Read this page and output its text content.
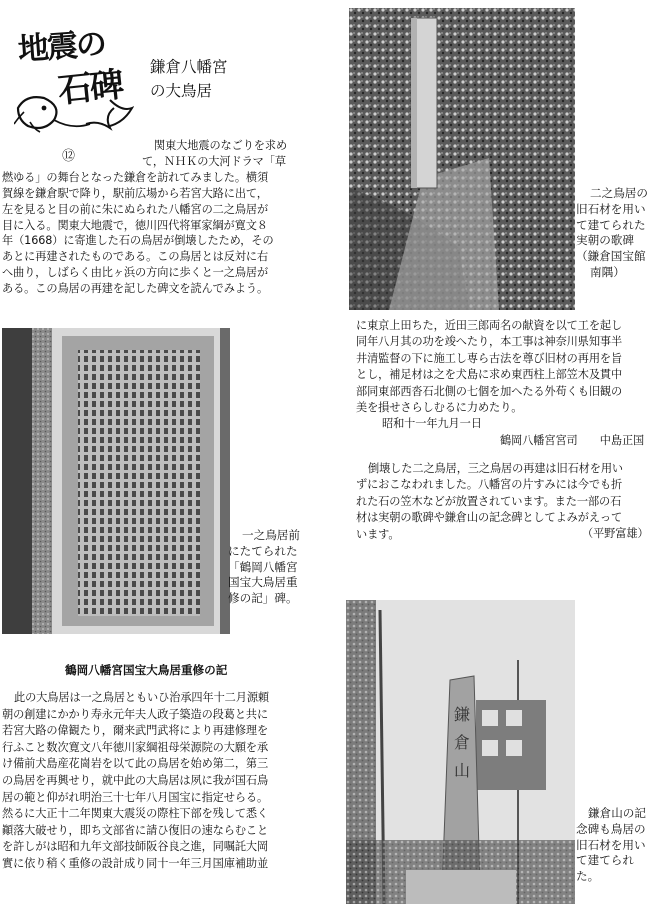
地震の
石碑 鎌倉八幡宮
の大鳥居
⑫
関東大地震のなごりを求め
て，ＮＨＫの大河ドラマ「草
燃ゆる」の舞台となった鎌倉を訪れてみました。横須
賀線を鎌倉駅で降り，駅前広場から若宮大路に出て，
左を見ると目の前に朱にぬられた八幡宮の二之鳥居が
目に入る。関東大地震で，徳川四代将軍家綱が寛文８
年（1668）に寄進した石の鳥居が倒壊したため，その
あとに再建されたものである。この鳥居とは反対に右
へ曲り，しばらく由比ヶ浜の方向に歩くと一之鳥居が
ある。この鳥居の再建を記した碑文を読んでみよう。
二之鳥居の
旧石材を用い
て建てられた
実朝の歌碑
（鎌倉国宝館
南隅）
一之鳥居前
にたてられた
「鶴岡八幡宮
国宝大鳥居重
修の記」碑。
鶴岡八幡宮国宝大鳥居重修の記
此の大鳥居は一之鳥居ともいひ治承四年十二月源頼
朝の創建にかかり寿永元年夫人政子築造の段葛と共に
若宮大路の偉観たり，爾来武門武将により再建修理を
行ふこと数次寛文八年徳川家綱祖母栄源院の大願を承
け備前犬島産花崗岩を以て此の鳥居を始め第二，第三
の鳥居を再興せり，就中此の大鳥居は夙に我が国石鳥
居の範と仰がれ明治三十七年八月国宝に指定せらる。
然るに大正十二年関東大震災の際柱下部を残して悉く
顚落大破せり，即ち文部省に請ひ復旧の速ならむこと
を許しがは昭和九年文部技師阪谷良之進，同嘱託大岡
實に依り稍く重修の設計成り同十一年三月国庫補助並
に東京上田ちた，近田三郎両名の献資を以て工を起し
同年八月其の功を竣へたり，本工事は神奈川県知事半
井清監督の下に施工し専ら古法を尊び旧材の再用を旨
とし，補足材は之を犬島に求め東西柱上部笠木及貫中
部同東部西沓石北側の七個を加へたる外苟くも旧観の
美を損せさらしむるに力めたり。
昭和十一年九月一日
鶴岡八幡宮宮司　　中島正国
倒壊した二之鳥居，三之鳥居の再建は旧石材を用い
ずにおこなわれました。八幡宮の片すみには今でも折
れた石の笠木などが放置されています。また一部の石
材は実朝の歌碑や鎌倉山の記念碑としてよみがえって
います。	（平野富雄）
鎌
倉
山
鎌倉山の記
念碑も鳥居の
旧石材を用い
て建てられ
た。
